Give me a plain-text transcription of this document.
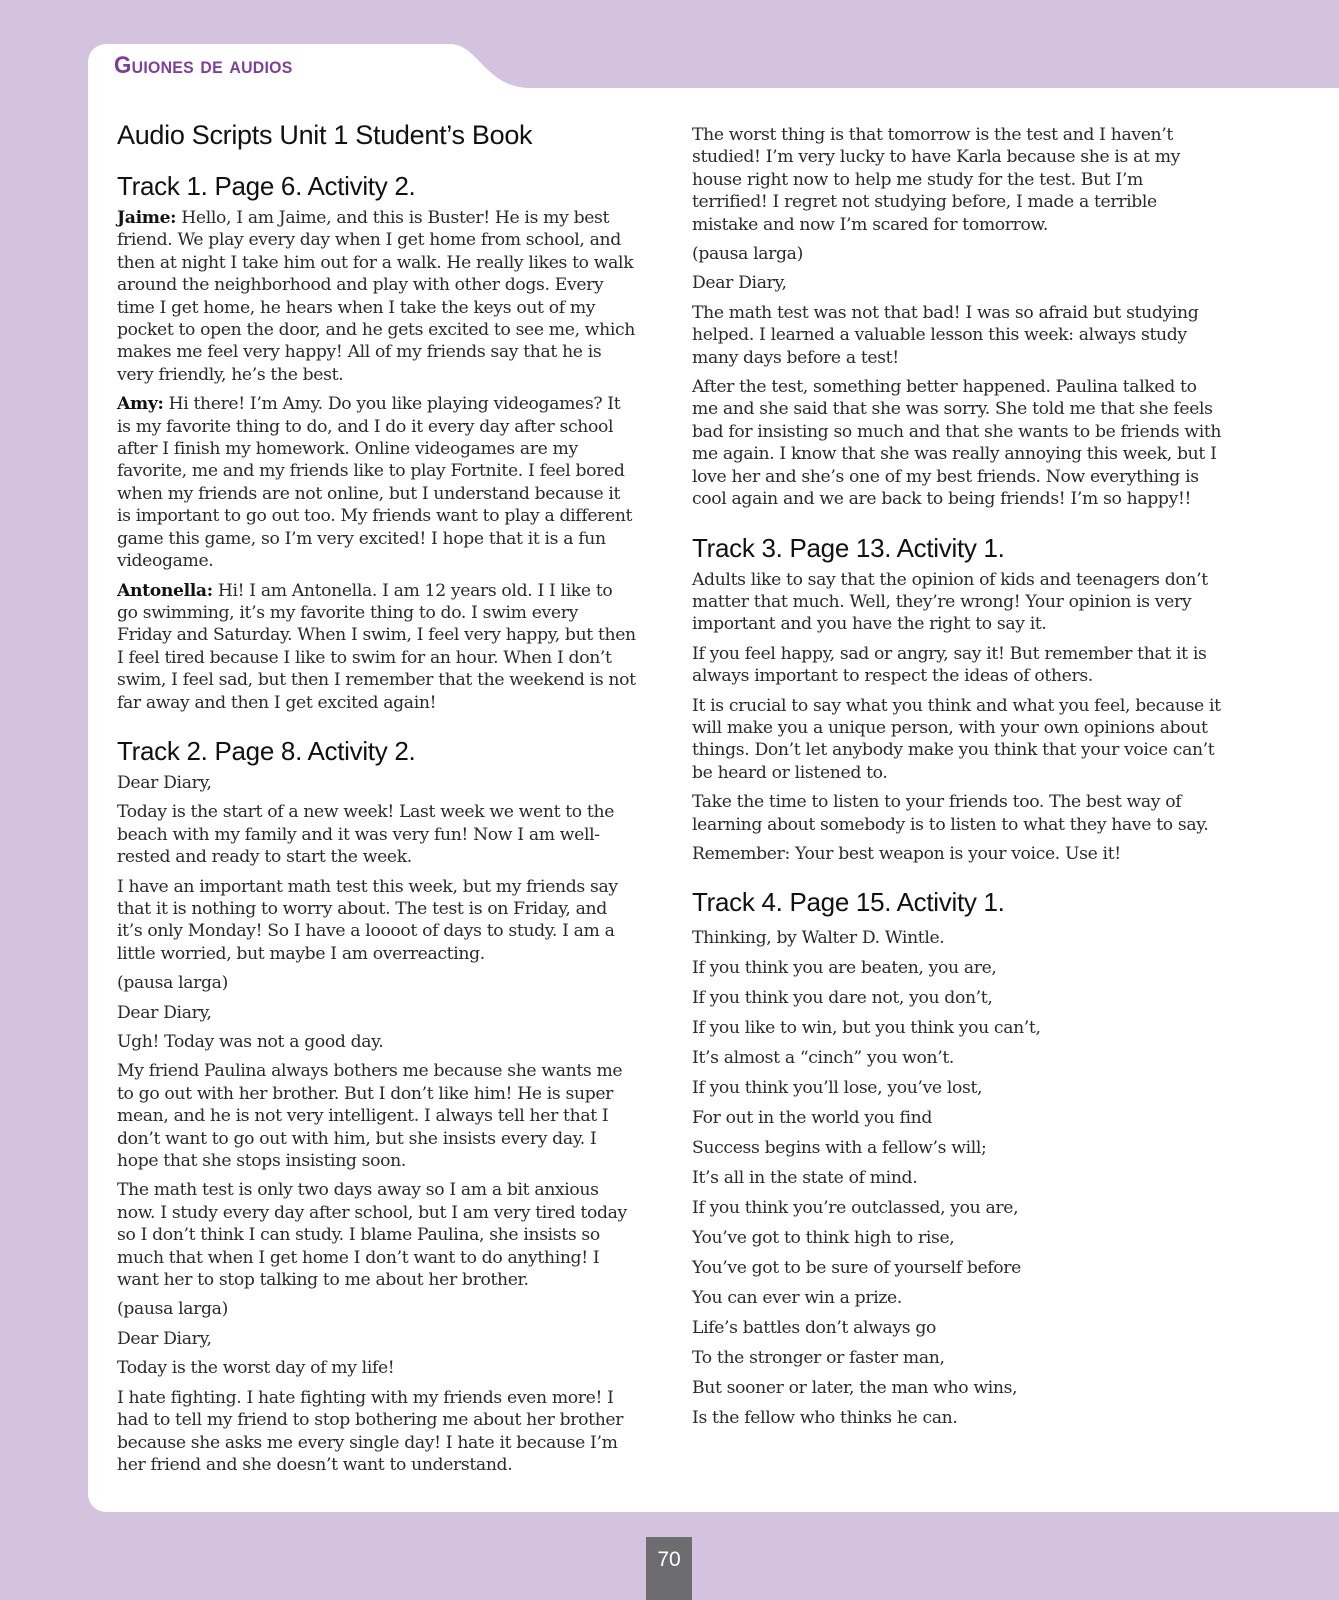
Guiones de audios
Audio Scripts Unit 1 Student’s Book
Track 1. Page 6. Activity 2.

Jaime: Hello, I am Jaime, and this is Buster! He is my best friend. We play every day when I get home from school, and then at night I take him out for a walk. He really likes to walk around the neighborhood and play with other dogs. Every time I get home, he hears when I take the keys out of my pocket to open the door, and he gets excited to see me, which makes me feel very happy! All of my friends say that he is very friendly, he’s the best.

Amy: Hi there! I’m Amy. Do you like playing videogames? It is my favorite thing to do, and I do it every day after school after I finish my homework. Online videogames are my favorite, me and my friends like to play Fortnite. I feel bored when my friends are not online, but I understand because it is important to go out too. My friends want to play a different game this game, so I’m very excited! I hope that it is a fun videogame.

Antonella: Hi! I am Antonella. I am 12 years old. I I like to go swimming, it’s my favorite thing to do. I swim every Friday and Saturday. When I swim, I feel very happy, but then I feel tired because I like to swim for an hour. When I don’t swim, I feel sad, but then I remember that the weekend is not far away and then I get excited again!

Track 2. Page 8. Activity 2.

Dear Diary,

Today is the start of a new week! Last week we went to the beach with my family and it was very fun! Now I am well-rested and ready to start the week.

I have an important math test this week, but my friends say that it is nothing to worry about. The test is on Friday, and it’s only Monday! So I have a loooot of days to study. I am a little worried, but maybe I am overreacting.

(pausa larga)

Dear Diary,

Ugh! Today was not a good day.

My friend Paulina always bothers me because she wants me to go out with her brother. But I don’t like him! He is super mean, and he is not very intelligent. I always tell her that I don’t want to go out with him, but she insists every day. I hope that she stops insisting soon.

The math test is only two days away so I am a bit anxious now. I study every day after school, but I am very tired today so I don’t think I can study. I blame Paulina, she insists so much that when I get home I don’t want to do anything! I want her to stop talking to me about her brother.

(pausa larga)

Dear Diary,

Today is the worst day of my life!

I hate fighting. I hate fighting with my friends even more! I had to tell my friend to stop bothering me about her brother because she asks me every single day! I hate it because I’m her friend and she doesn’t want to understand.

The worst thing is that tomorrow is the test and I haven’t studied! I’m very lucky to have Karla because she is at my house right now to help me study for the test. But I’m terrified! I regret not studying before, I made a terrible mistake and now I’m scared for tomorrow.

(pausa larga)

Dear Diary,

The math test was not that bad! I was so afraid but studying helped. I learned a valuable lesson this week: always study many days before a test!

After the test, something better happened. Paulina talked to me and she said that she was sorry. She told me that she feels bad for insisting so much and that she wants to be friends with me again. I know that she was really annoying this week, but I love her and she’s one of my best friends. Now everything is cool again and we are back to being friends! I’m so happy!!

Track 3. Page 13. Activity 1.

Adults like to say that the opinion of kids and teenagers don’t matter that much. Well, they’re wrong! Your opinion is very important and you have the right to say it.

If you feel happy, sad or angry, say it! But remember that it is always important to respect the ideas of others.

It is crucial to say what you think and what you feel, because it will make you a unique person, with your own opinions about things. Don’t let anybody make you think that your voice can’t be heard or listened to.

Take the time to listen to your friends too. The best way of learning about somebody is to listen to what they have to say.

Remember: Your best weapon is your voice. Use it!

Track 4. Page 15. Activity 1.

Thinking, by Walter D. Wintle.

If you think you are beaten, you are,

If you think you dare not, you don’t,

If you like to win, but you think you can’t,

It’s almost a “cinch” you won’t.

If you think you’ll lose, you’ve lost,

For out in the world you find

Success begins with a fellow’s will;

It’s all in the state of mind.

If you think you’re outclassed, you are,

You’ve got to think high to rise,

You’ve got to be sure of yourself before

You can ever win a prize.

Life’s battles don’t always go

To the stronger or faster man,

But sooner or later, the man who wins,

Is the fellow who thinks he can.

70
